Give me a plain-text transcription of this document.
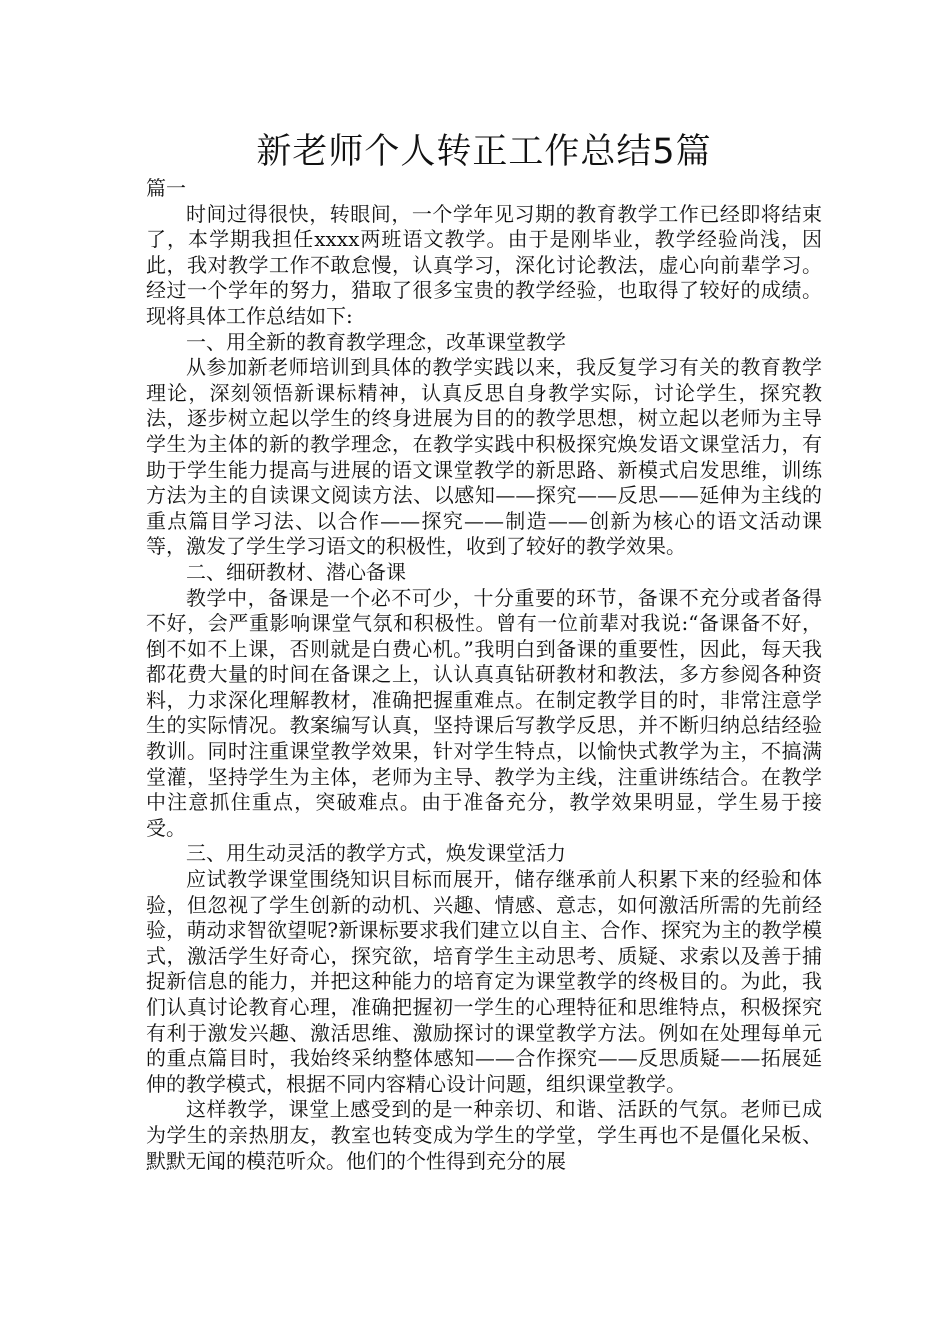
新老师个人转正工作总结5篇

篇一

时间过得很快，转眼间，一个学年见习期的教育教学工作已经即将结束了，本学期我担任xxxx两班语文教学。由于是刚毕业，教学经验尚浅，因此，我对教学工作不敢怠慢，认真学习，深化讨论教法，虚心向前辈学习。经过一个学年的努力，猎取了很多宝贵的教学经验，也取得了较好的成绩。现将具体工作总结如下:

一、用全新的教育教学理念，改革课堂教学

从参加新老师培训到具体的教学实践以来，我反复学习有关的教育教学理论，深刻领悟新课标精神，认真反思自身教学实际，讨论学生，探究教法，逐步树立起以学生的终身进展为目的的教学思想，树立起以老师为主导学生为主体的新的教学理念，在教学实践中积极探究焕发语文课堂活力，有助于学生能力提高与进展的语文课堂教学的新思路、新模式启发思维，训练方法为主的自读课文阅读方法、以感知——探究——反思——延伸为主线的重点篇目学习法、以合作——探究——制造——创新为核心的语文活动课等，激发了学生学习语文的积极性，收到了较好的教学效果。

二、细研教材、潜心备课

教学中，备课是一个必不可少，十分重要的环节，备课不充分或者备得不好，会严重影响课堂气氛和积极性。曾有一位前辈对我说:“备课备不好，倒不如不上课，否则就是白费心机。”我明白到备课的重要性，因此，每天我都花费大量的时间在备课之上，认认真真钻研教材和教法，多方参阅各种资料，力求深化理解教材，准确把握重难点。在制定教学目的时，非常注意学生的实际情况。教案编写认真，坚持课后写教学反思，并不断归纳总结经验教训。同时注重课堂教学效果，针对学生特点，以愉快式教学为主，不搞满堂灌，坚持学生为主体，老师为主导、教学为主线，注重讲练结合。在教学中注意抓住重点，突破难点。由于准备充分，教学效果明显，学生易于接受。

三、用生动灵活的教学方式，焕发课堂活力

应试教学课堂围绕知识目标而展开，储存继承前人积累下来的经验和体验，但忽视了学生创新的动机、兴趣、情感、意志，如何激活所需的先前经验，萌动求智欲望呢?新课标要求我们建立以自主、合作、探究为主的教学模式，激活学生好奇心，探究欲，培育学生主动思考、质疑、求索以及善于捕捉新信息的能力，并把这种能力的培育定为课堂教学的终极目的。为此，我们认真讨论教育心理，准确把握初一学生的心理特征和思维特点，积极探究有利于激发兴趣、激活思维、激励探讨的课堂教学方法。例如在处理每单元的重点篇目时，我始终采纳整体感知——合作探究——反思质疑——拓展延伸的教学模式，根据不同内容精心设计问题，组织课堂教学。

这样教学，课堂上感受到的是一种亲切、和谐、活跃的气氛。老师已成为学生的亲热朋友，教室也转变成为学生的学堂，学生再也不是僵化呆板、默默无闻的模范听众。他们的个性得到充分的展
